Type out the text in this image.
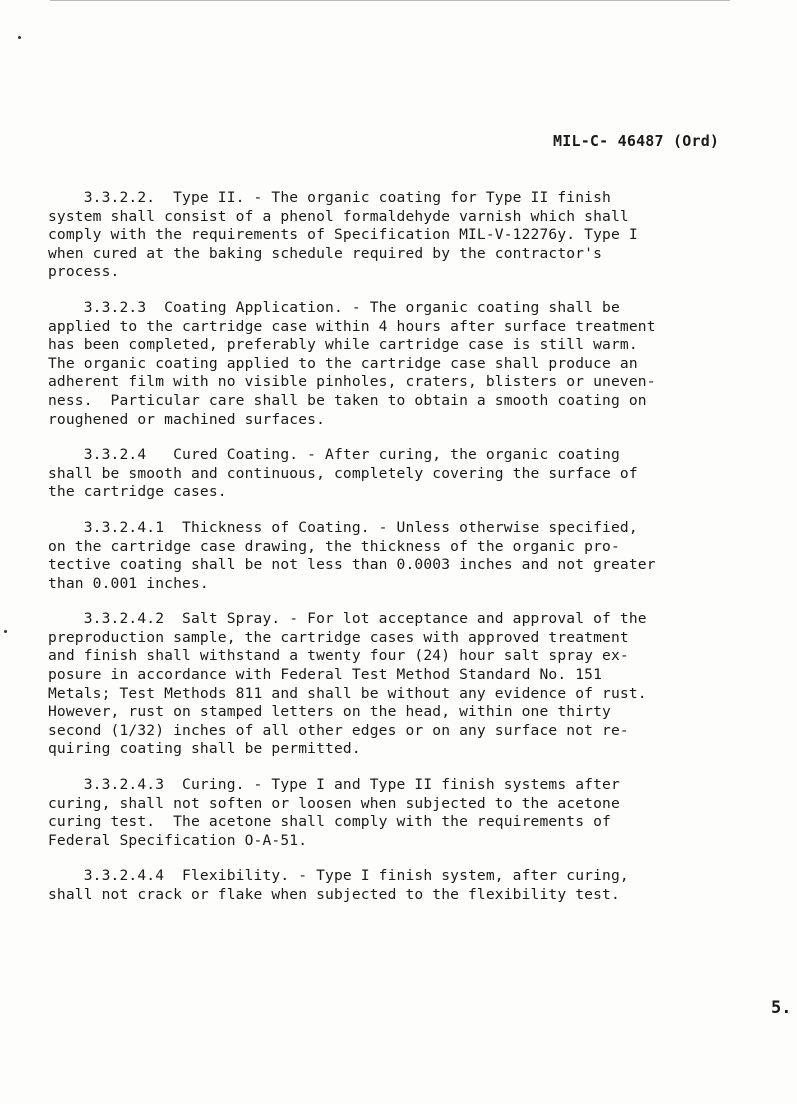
MIL-C- 46487 (Ord)
3.3.2.2.  Type II. - The organic coating for Type II finish
system shall consist of a phenol formaldehyde varnish which shall
comply with the requirements of Specification MIL-V-12276y. Type I
when cured at the baking schedule required by the contractor's
process.
3.3.2.3  Coating Application. - The organic coating shall be
applied to the cartridge case within 4 hours after surface treatment
has been completed, preferably while cartridge case is still warm.
The organic coating applied to the cartridge case shall produce an
adherent film with no visible pinholes, craters, blisters or uneven-
ness.  Particular care shall be taken to obtain a smooth coating on
roughened or machined surfaces.
3.3.2.4   Cured Coating. - After curing, the organic coating
shall be smooth and continuous, completely covering the surface of
the cartridge cases.
3.3.2.4.1  Thickness of Coating. - Unless otherwise specified,
on the cartridge case drawing, the thickness of the organic pro-
tective coating shall be not less than 0.0003 inches and not greater
than 0.001 inches.
3.3.2.4.2  Salt Spray. - For lot acceptance and approval of the
preproduction sample, the cartridge cases with approved treatment
and finish shall withstand a twenty four (24) hour salt spray ex-
posure in accordance with Federal Test Method Standard No. 151
Metals; Test Methods 811 and shall be without any evidence of rust.
However, rust on stamped letters on the head, within one thirty
second (1/32) inches of all other edges or on any surface not re-
quiring coating shall be permitted.
3.3.2.4.3  Curing. - Type I and Type II finish systems after
curing, shall not soften or loosen when subjected to the acetone
curing test.  The acetone shall comply with the requirements of
Federal Specification O-A-51.
3.3.2.4.4  Flexibility. - Type I finish system, after curing,
shall not crack or flake when subjected to the flexibility test.
5.
